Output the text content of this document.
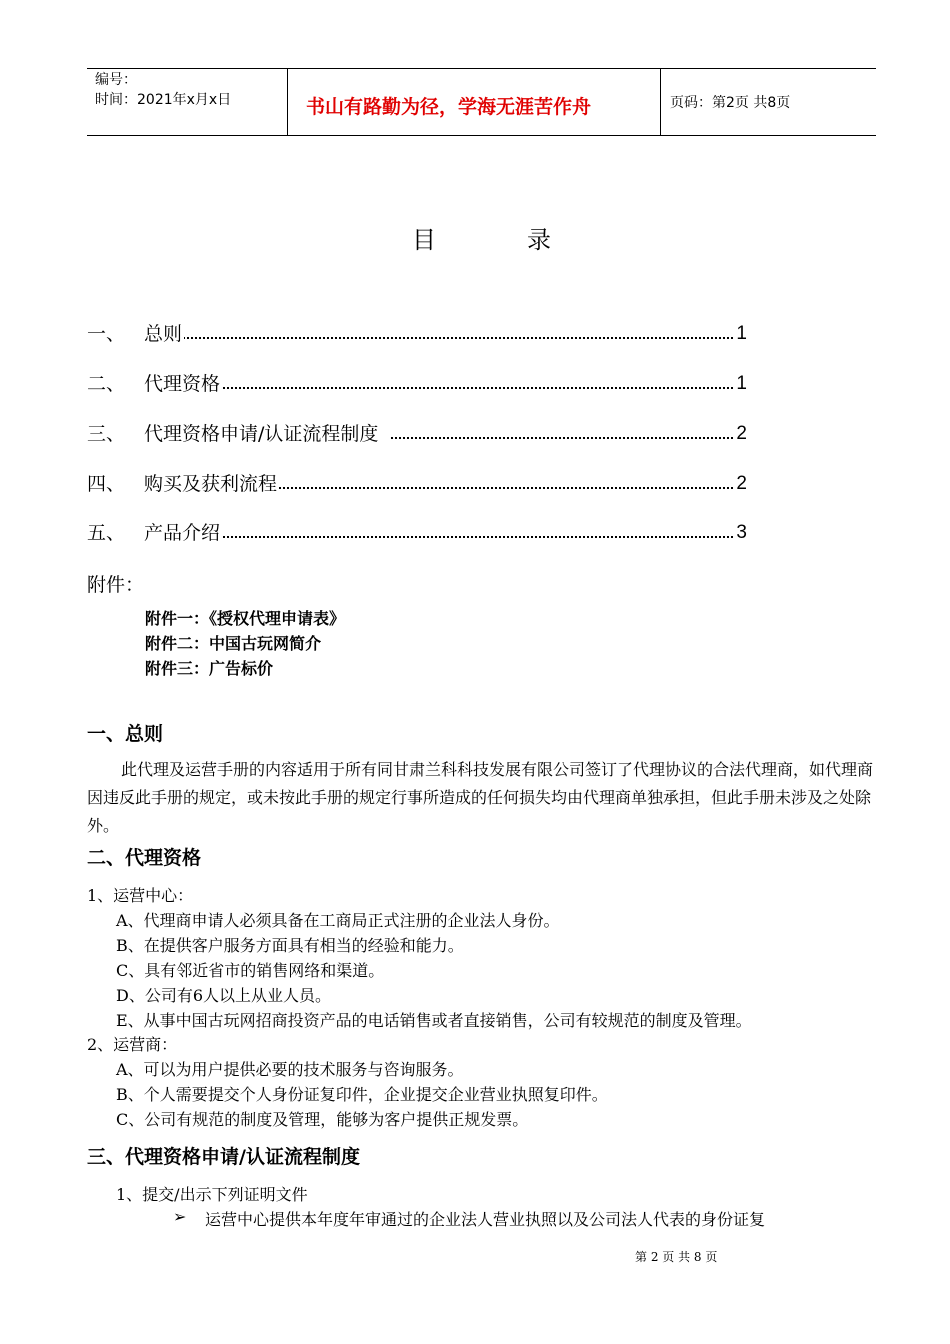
编号：
时间：2021年x月x日	书山有路勤为径，学海无涯苦作舟	页码：第2页 共8页
目	录
一、 总则	1
二、 代理资格	1
三、 代理资格申请/认证流程制度	2
四、 购买及获利流程	2
五、 产品介绍	3
附件：
附件一：《授权代理申请表》
附件二：中国古玩网简介
附件三：广告标价
一、总则
此代理及运营手册的内容适用于所有同甘肃兰科科技发展有限公司签订了代理协议的合法代理商，如代理商因违反此手册的规定，或未按此手册的规定行事所造成的任何损失均由代理商单独承担，但此手册未涉及之处除外。
二、代理资格
1、运营中心：
A、代理商申请人必须具备在工商局正式注册的企业法人身份。
B、在提供客户服务方面具有相当的经验和能力。
C、具有邻近省市的销售网络和渠道。
D、公司有6人以上从业人员。
E、从事中国古玩网招商投资产品的电话销售或者直接销售，公司有较规范的制度及管理。
2、运营商：
A、可以为用户提供必要的技术服务与咨询服务。
B、个人需要提交个人身份证复印件，企业提交企业营业执照复印件。
C、公司有规范的制度及管理，能够为客户提供正规发票。
三、代理资格申请/认证流程制度
1、提交/出示下列证明文件
➢ 运营中心提供本年度年审通过的企业法人营业执照以及公司法人代表的身份证复
第 2 页 共 8 页
